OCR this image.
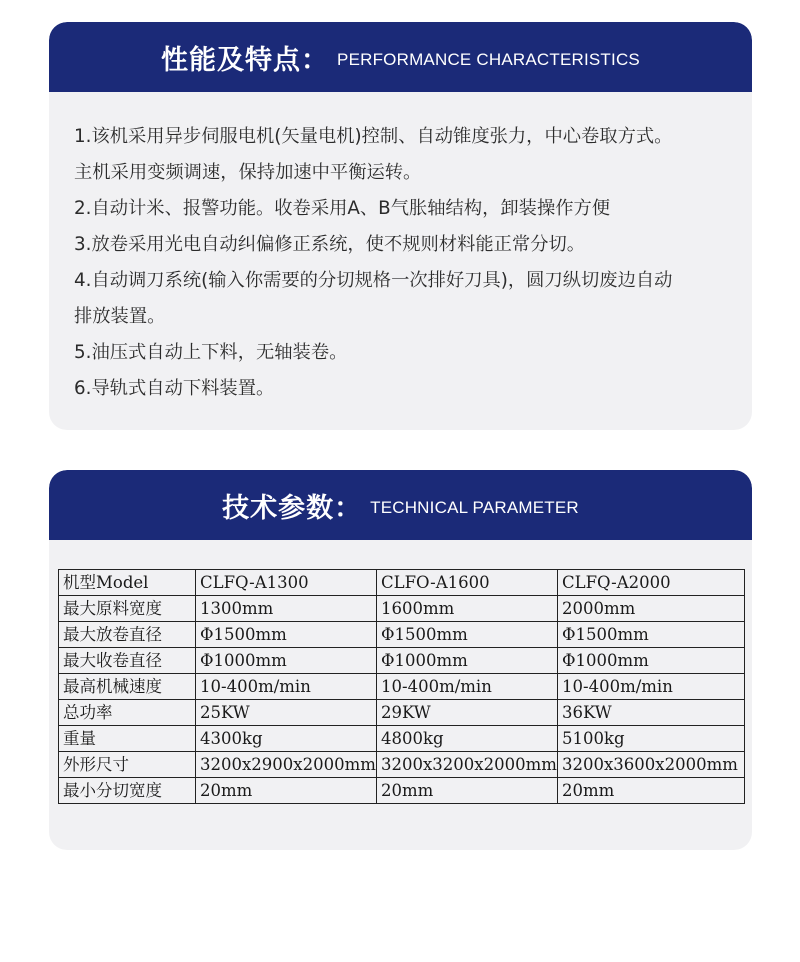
性能及特点： PERFORMANCE CHARACTERISTICS
1.该机采用异步伺服电机(矢量电机)控制、自动锥度张力，中心卷取方式。
主机采用变频调速，保持加速中平衡运转。
2.自动计米、报警功能。收卷采用A、B气胀轴结构，卸装操作方便
3.放卷采用光电自动纠偏修正系统，使不规则材料能正常分切。
4.自动调刀系统(输入你需要的分切规格一次排好刀具)，圆刀纵切废边自动
排放装置。
5.油压式自动上下料，无轴装卷。
6.导轨式自动下料装置。
技术参数： TECHNICAL PARAMETER
机型Model	CLFQ-A1300	CLFO-A1600	CLFQ-A2000
最大原料宽度	1300mm	1600mm	2000mm
最大放卷直径	Φ1500mm	Φ1500mm	Φ1500mm
最大收卷直径	Φ1000mm	Φ1000mm	Φ1000mm
最高机械速度	10-400m/min	10-400m/min	10-400m/min
总功率	25KW	29KW	36KW
重量	4300kg	4800kg	5100kg
外形尺寸	3200x2900x2000mm	3200x3200x2000mm	3200x3600x2000mm
最小分切宽度	20mm	20mm	20mm
